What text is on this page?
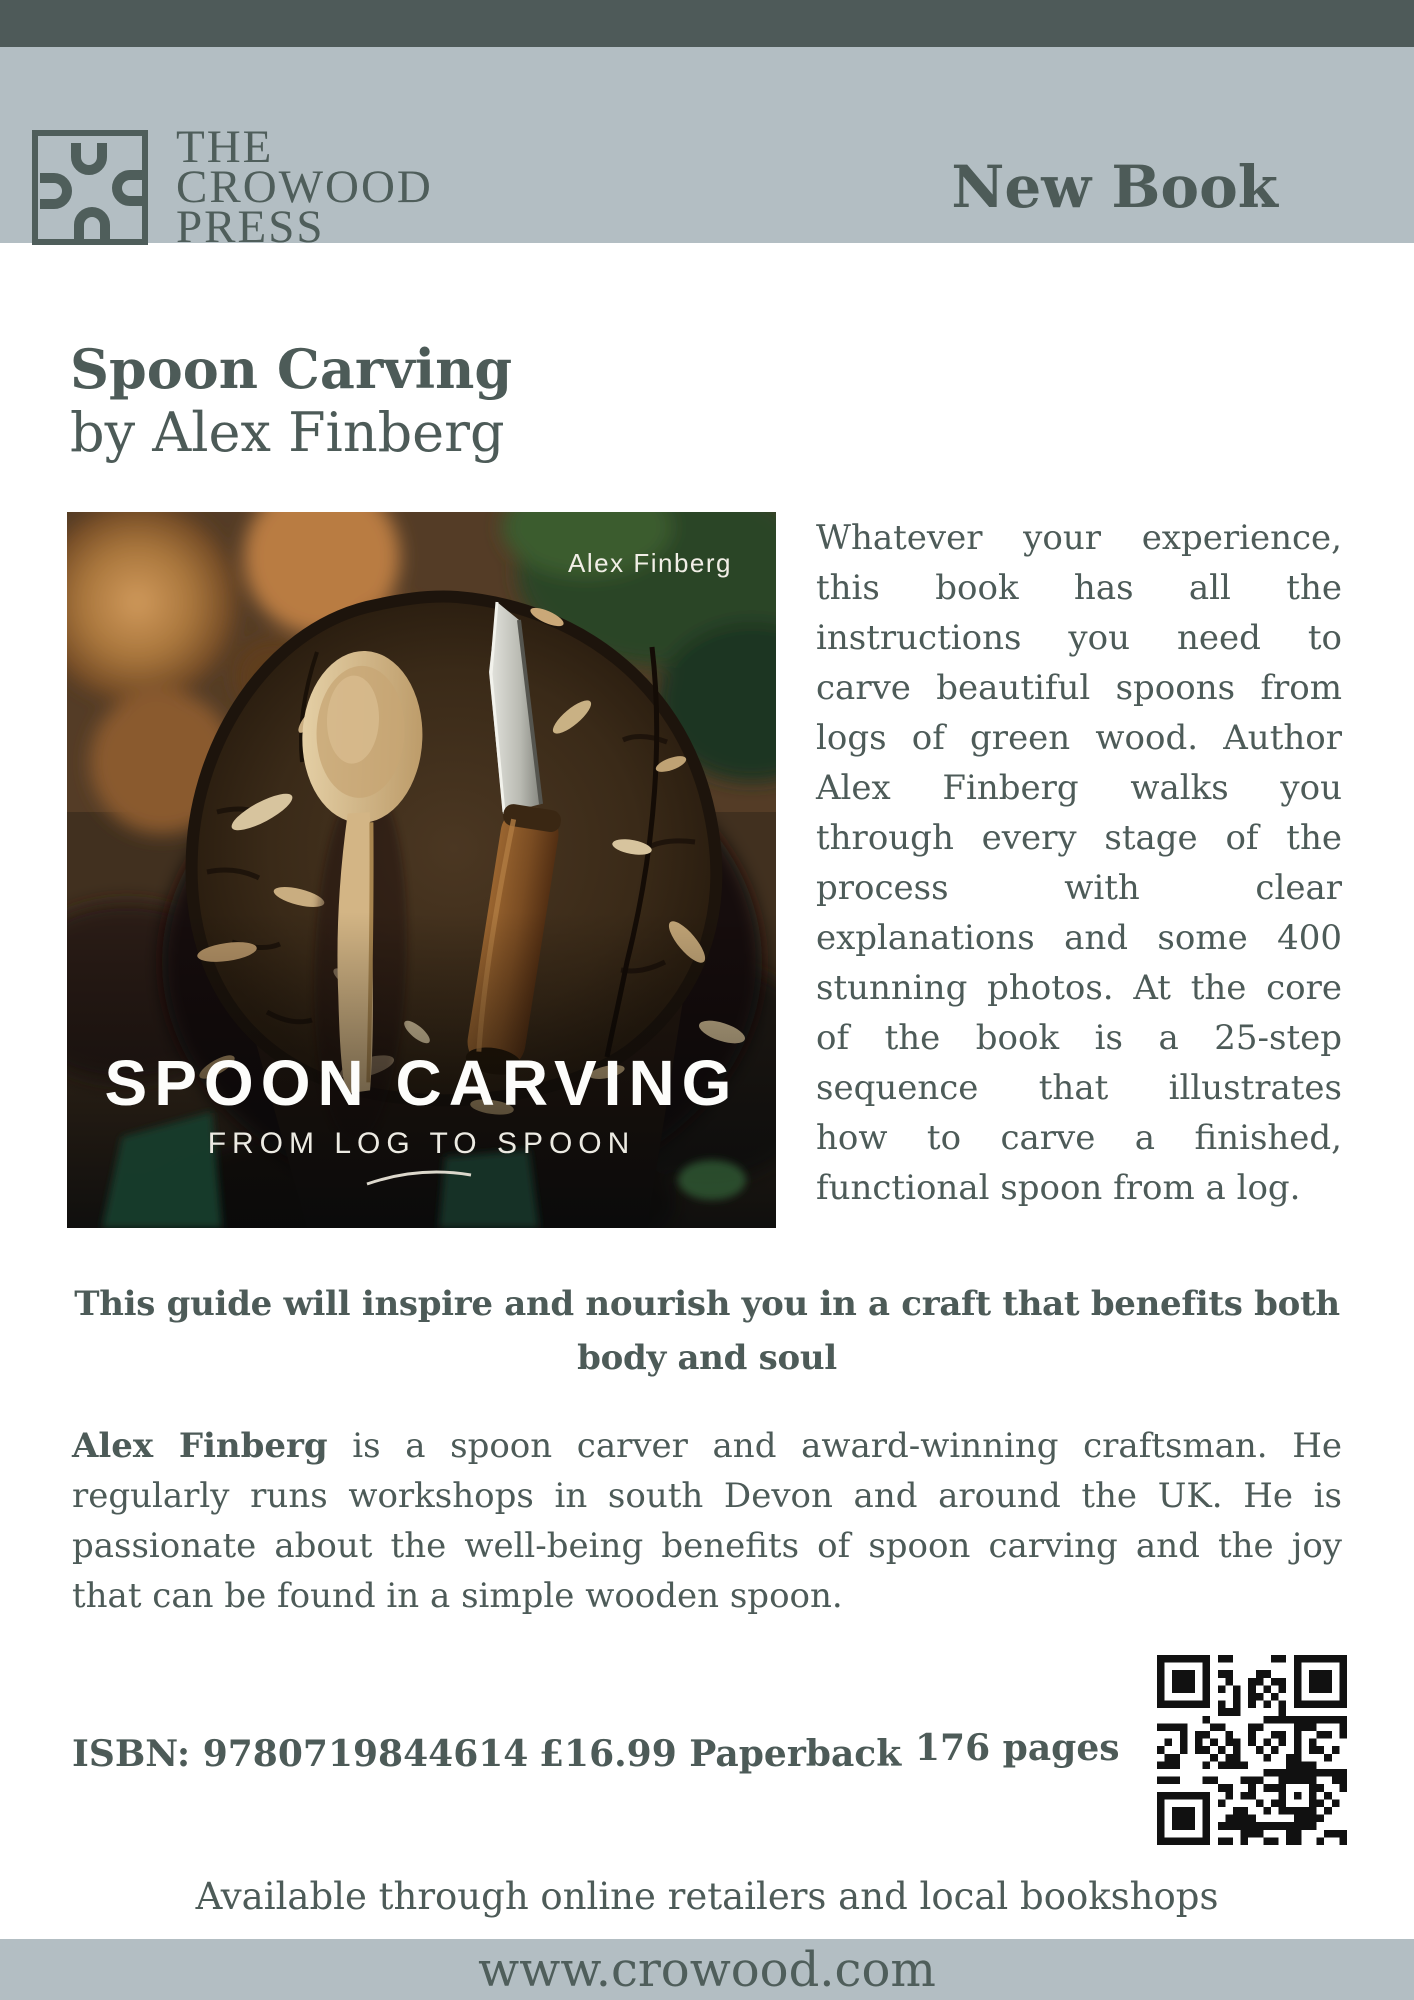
THE
CROWOOD
PRESS
New Book
Spoon Carving
by Alex Finberg
Alex Finberg
SPOON CARVING
FROM LOG TO SPOON
Whatever your experience,
this book has all the
instructions you need to
carve beautiful spoons from
logs of green wood. Author
Alex Finberg walks you
through every stage of the
process with clear
explanations and some 400
stunning photos. At the core
of the book is a 25-step
sequence that illustrates
how to carve a finished,
functional spoon from a log.
This guide will inspire and nourish you in a craft that benefits both
body and soul
Alex Finberg is a spoon carver and award-winning craftsman. He
regularly runs workshops in south Devon and around the UK. He is
passionate about the well-being benefits of spoon carving and the joy
that can be found in a simple wooden spoon.
ISBN: 9780719844614 £16.99 Paperback 176 pages
Available through online retailers and local bookshops
www.crowood.com
